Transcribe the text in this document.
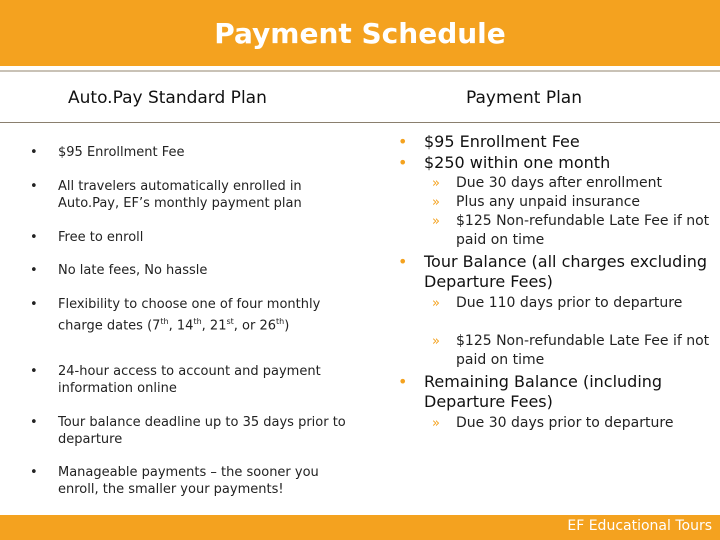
Payment Schedule
Auto.Pay Standard Plan	Payment Plan
• $95 Enrollment Fee
• All travelers automatically enrolled in Auto.Pay, EF’s monthly payment plan
• Free to enroll
• No late fees, No hassle
• Flexibility to choose one of four monthly charge dates (7th, 14th, 21st, or 26th)
• 24-hour access to account and payment information online
• Tour balance deadline up to 35 days prior to departure
• Manageable payments – the sooner you enroll, the smaller your payments!
• $95 Enrollment Fee
• $250 within one month
» Due 30 days after enrollment
» Plus any unpaid insurance
» $125 Non-refundable Late Fee if not paid on time
• Tour Balance (all charges excluding Departure Fees)
» Due 110 days prior to departure
» $125 Non-refundable Late Fee if not paid on time
• Remaining Balance (including Departure Fees)
» Due 30 days prior to departure
EF Educational Tours
